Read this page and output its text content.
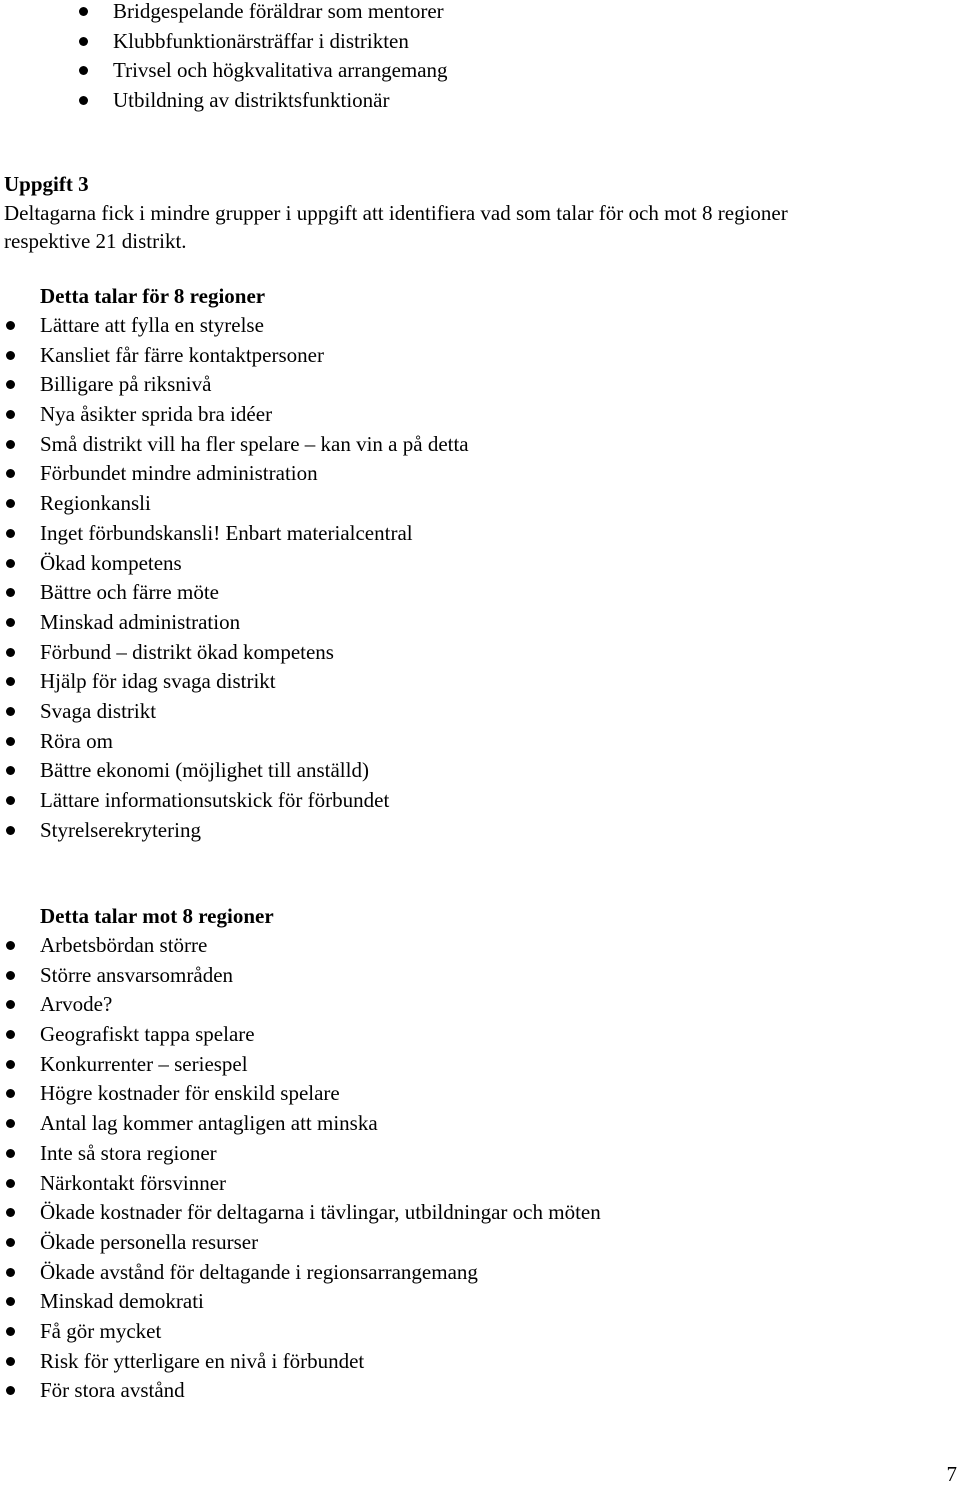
Bridgespelande föräldrar som mentorer
Klubbfunktionärsträffar i distrikten
Trivsel och högkvalitativa arrangemang
Utbildning av distriktsfunktionär
Uppgift 3
Deltagarna fick i mindre grupper i uppgift att identifiera vad som talar för och mot 8 regioner
respektive 21 distrikt.
Detta talar för 8 regioner
Lättare att fylla en styrelse
Kansliet får färre kontaktpersoner
Billigare på riksnivå
Nya åsikter sprida bra idéer
Små distrikt vill ha fler spelare – kan vin a på detta
Förbundet mindre administration
Regionkansli
Inget förbundskansli! Enbart materialcentral
Ökad kompetens
Bättre och färre möte
Minskad administration
Förbund – distrikt ökad kompetens
Hjälp för idag svaga distrikt
Svaga distrikt
Röra om
Bättre ekonomi (möjlighet till anställd)
Lättare informationsutskick för förbundet
Styrelserekrytering
Detta talar mot 8 regioner
Arbetsbördan större
Större ansvarsområden
Arvode?
Geografiskt tappa spelare
Konkurrenter – seriespel
Högre kostnader för enskild spelare
Antal lag kommer antagligen att minska
Inte så stora regioner
Närkontakt försvinner
Ökade kostnader för deltagarna i tävlingar, utbildningar och möten
Ökade personella resurser
Ökade avstånd för deltagande i regionsarrangemang
Minskad demokrati
Få gör mycket
Risk för ytterligare en nivå i förbundet
För stora avstånd
7
